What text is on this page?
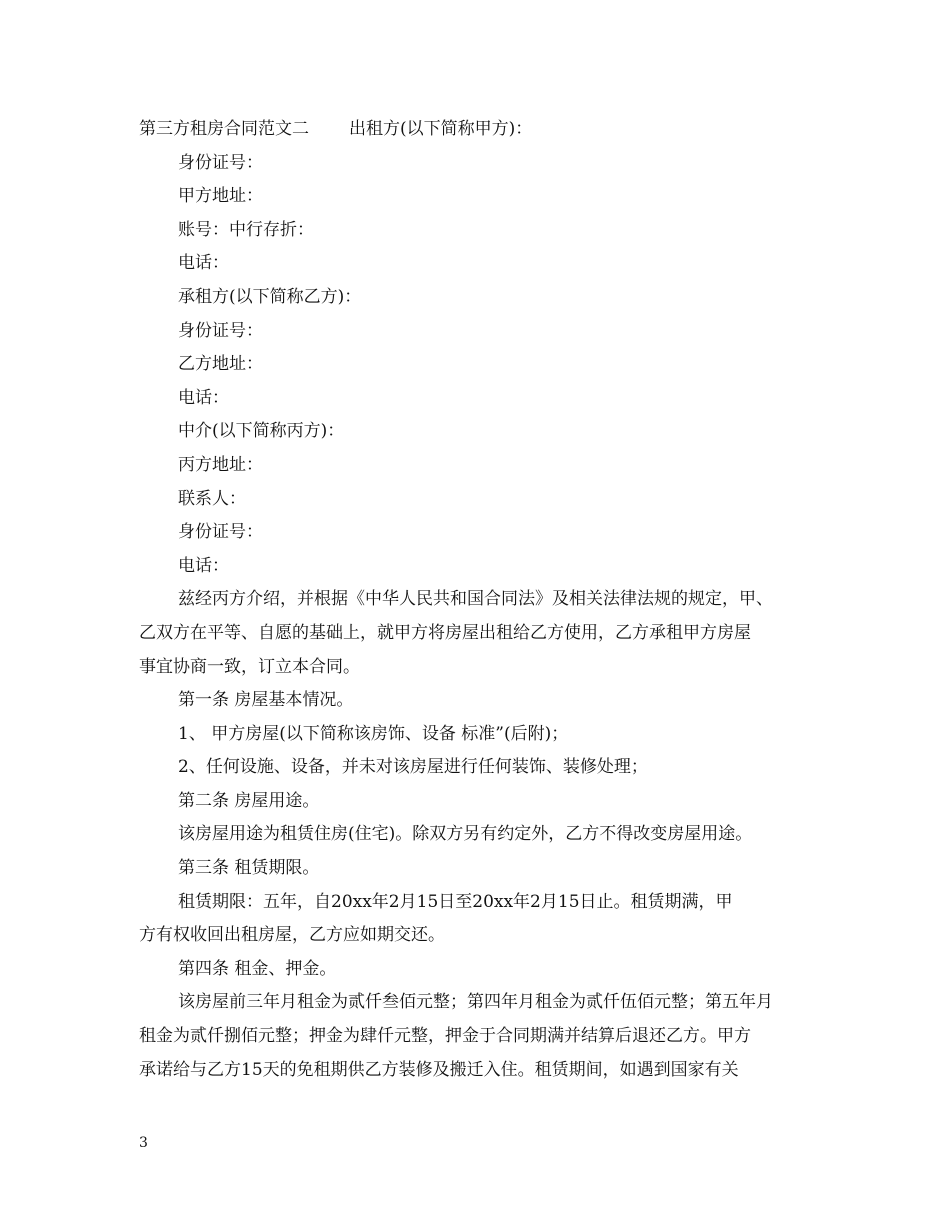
第三方租房合同范文二 出租方(以下简称甲方)：
身份证号：
甲方地址：
账号：中行存折：
电话：
承租方(以下简称乙方)：
身份证号：
乙方地址：
电话：
中介(以下简称丙方)：
丙方地址：
联系人：
身份证号：
电话：
兹经丙方介绍，并根据《中华人民共和国合同法》及相关法律法规的规定，甲、
乙双方在平等、自愿的基础上，就甲方将房屋出租给乙方使用，乙方承租甲方房屋
事宜协商一致，订立本合同。
第一条 房屋基本情况。
1、 甲方房屋(以下简称该房饰、设备 标准”(后附)；
2、任何设施、设备，并未对该房屋进行任何装饰、装修处理；
第二条 房屋用途。
该房屋用途为租赁住房(住宅)。除双方另有约定外，乙方不得改变房屋用途。
第三条 租赁期限。
租赁期限：五年，自20xx年2月15日至20xx年2月15日止。租赁期满，甲
方有权收回出租房屋，乙方应如期交还。
第四条 租金、押金。
该房屋前三年月租金为贰仟叁佰元整；第四年月租金为贰仟伍佰元整；第五年月
租金为贰仟捌佰元整；押金为肆仟元整，押金于合同期满并结算后退还乙方。甲方
承诺给与乙方15天的免租期供乙方装修及搬迁入住。租赁期间，如遇到国家有关
3
